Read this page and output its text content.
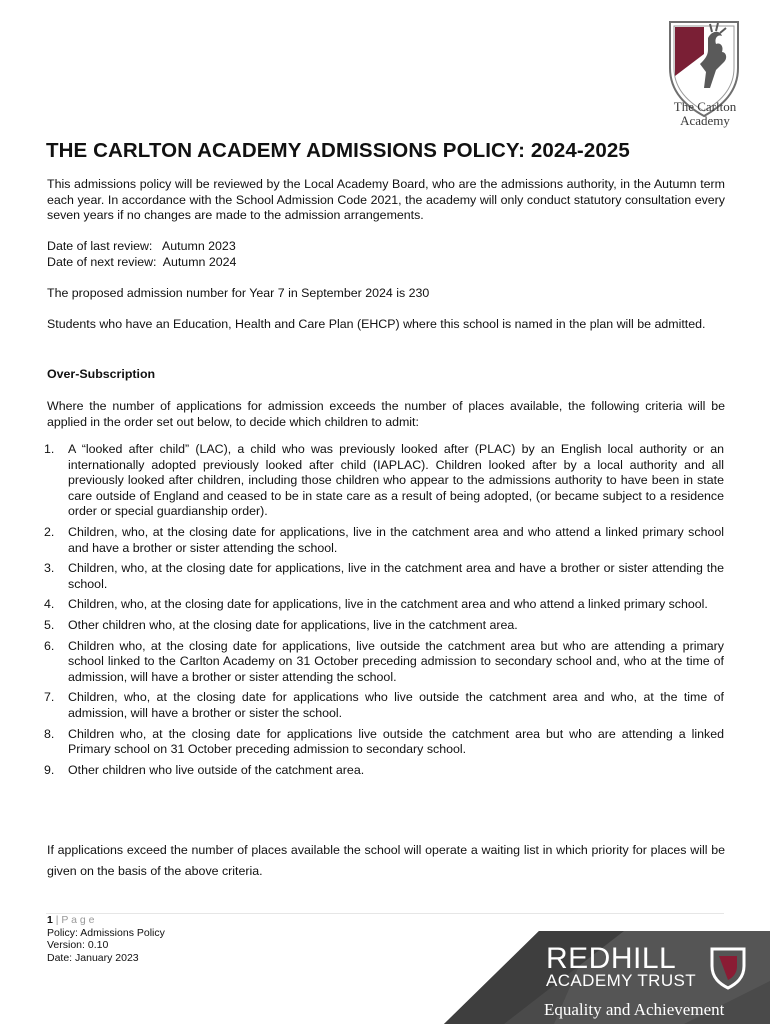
The Carlton Academy
THE CARLTON ACADEMY ADMISSIONS POLICY: 2024-2025

This admissions policy will be reviewed by the Local Academy Board, who are the admissions authority, in the Autumn term each year. In accordance with the School Admission Code 2021, the academy will only conduct statutory consultation every seven years if no changes are made to the admission arrangements.

Date of last review:   Autumn 2023

Date of next review:  Autumn 2024

The proposed admission number for Year 7 in September 2024 is 230

Students who have an Education, Health and Care Plan (EHCP) where this school is named in the plan will be admitted.

Over-Subscription

Where the number of applications for admission exceeds the number of places available, the following criteria will be applied in the order set out below, to decide which children to admit:

1. A “looked after child” (LAC), a child who was previously looked after (PLAC) by an English local authority or an internationally adopted previously looked after child (IAPLAC). Children looked after by a local authority and all previously looked after children, including those children who appear to the admissions authority to have been in state care outside of England and ceased to be in state care as a result of being adopted, (or became subject to a residence order or special guardianship order).
2. Children, who, at the closing date for applications, live in the catchment area and who attend a linked primary school and have a brother or sister attending the school.
3. Children, who, at the closing date for applications, live in the catchment area and have a brother or sister attending the school.
4. Children, who, at the closing date for applications, live in the catchment area and who attend a linked primary school.
5. Other children who, at the closing date for applications, live in the catchment area.
6. Children who, at the closing date for applications, live outside the catchment area but who are attending a primary school linked to the Carlton Academy on 31 October preceding admission to secondary school and, who at the time of admission, will have a brother or sister attending the school.
7. Children, who, at the closing date for applications who live outside the catchment area and who, at the time of admission, will have a brother or sister the school.
8. Children who, at the closing date for applications live outside the catchment area but who are attending a linked Primary school on 31 October preceding admission to secondary school.
9. Other children who live outside of the catchment area.

If applications exceed the number of places available the school will operate a waiting list in which priority for places will be given on the basis of the above criteria.

1 | P a g e
Policy: Admissions Policy
Version: 0.10
Date: January 2023	REDHILL
ACADEMY TRUST
Equality and Achievement
